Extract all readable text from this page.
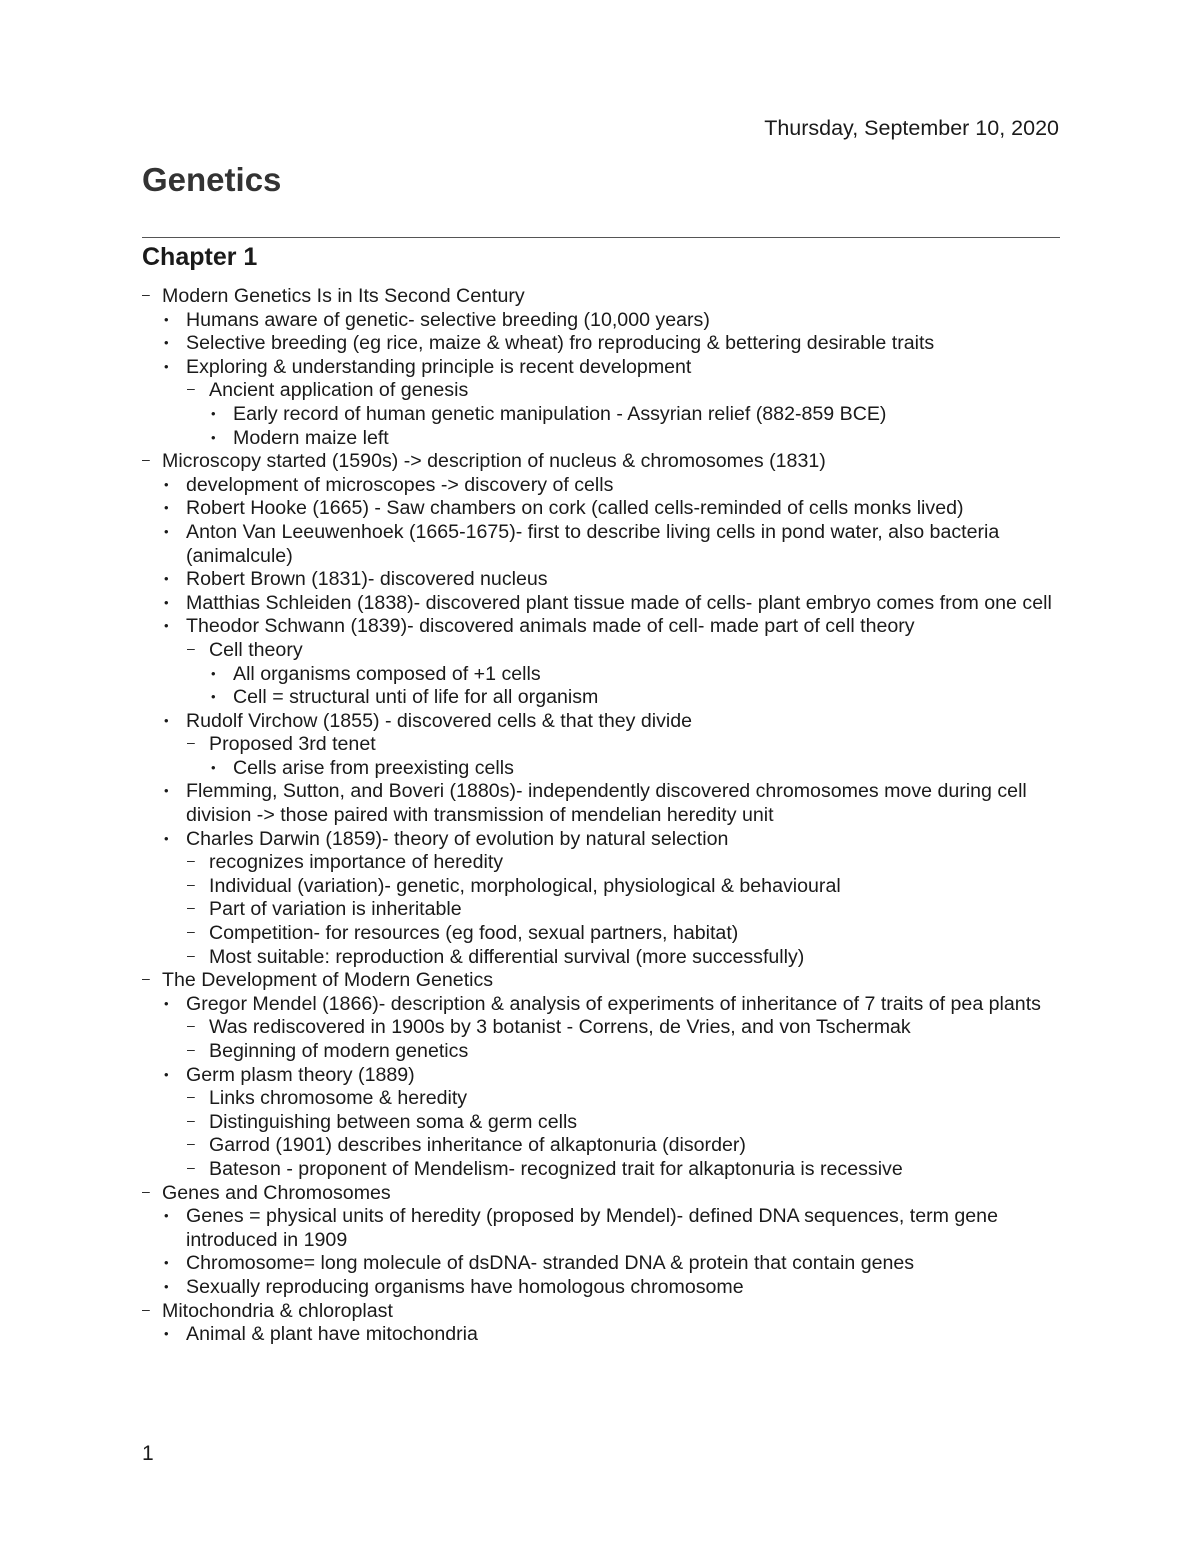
Thursday, September 10, 2020
Genetics
Chapter 1
–
Modern Genetics Is in Its Second Century
•
Humans aware of genetic- selective breeding (10,000 years)
•
Selective breeding (eg rice, maize & wheat) fro reproducing & bettering desirable traits
•
Exploring & understanding principle is recent development
–
Ancient application of genesis
•
Early record of human genetic manipulation - Assyrian relief (882-859 BCE)
•
Modern maize left
–
Microscopy started (1590s) -> description of nucleus & chromosomes (1831)
•
development of microscopes -> discovery of cells
•
Robert Hooke (1665) - Saw chambers on cork (called cells-reminded of cells monks lived)
•
Anton Van Leeuwenhoek (1665-1675)- first to describe living cells in pond water, also bacteria (animalcule)
•
Robert Brown (1831)- discovered nucleus
•
Matthias Schleiden (1838)- discovered plant tissue made of cells- plant embryo comes from one cell
•
Theodor Schwann (1839)- discovered animals made of cell- made part of cell theory
–
Cell theory
•
All organisms composed of +1 cells
•
Cell = structural unti of life for all organism
•
Rudolf Virchow (1855) - discovered cells & that they divide
–
Proposed 3rd tenet
•
Cells arise from preexisting cells
•
Flemming, Sutton, and Boveri (1880s)- independently discovered chromosomes move during cell division -> those paired with transmission of mendelian heredity unit
•
Charles Darwin (1859)- theory of evolution by natural selection
–
recognizes importance of heredity
–
Individual (variation)- genetic, morphological, physiological & behavioural
–
Part of variation is inheritable
–
Competition- for resources (eg food, sexual partners, habitat)
–
Most suitable: reproduction & differential survival (more successfully)
–
The Development of Modern Genetics
•
Gregor Mendel (1866)- description & analysis of experiments of inheritance of 7 traits of pea plants
–
Was rediscovered in 1900s by 3 botanist - Correns, de Vries, and von Tschermak
–
Beginning of modern genetics
•
Germ plasm theory (1889)
–
Links chromosome & heredity
–
Distinguishing between soma & germ cells
–
Garrod (1901) describes inheritance of alkaptonuria (disorder)
–
Bateson - proponent of Mendelism- recognized trait for alkaptonuria is recessive
–
Genes and Chromosomes
•
Genes = physical units of heredity (proposed by Mendel)- defined DNA sequences, term gene introduced in 1909
•
Chromosome= long molecule of dsDNA- stranded DNA & protein that contain genes
•
Sexually reproducing organisms have homologous chromosome
–
Mitochondria & chloroplast
•
Animal & plant have mitochondria
1
